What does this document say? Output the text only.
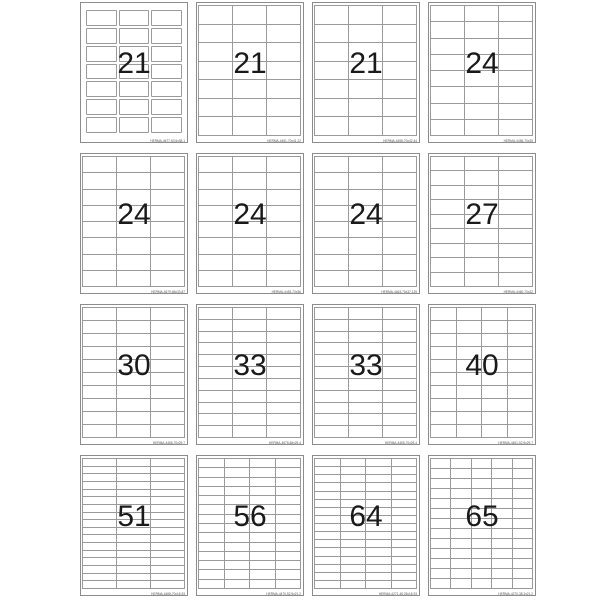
21
HERMA-4677-63,5x38,1
21
HERMA-4451-70x41,22
21
HERMA-4458-70x42,44
24
HERMA-4456-70x35
24
HERMA-4679-66x33,87
24
HERMA-4453-70x36
24
HERMA-4463-70x37,125
27
HERMA-4460-70x32
30
HERMA-4466-70x29,7
33
HERMA-4678-66x25,4
33
HERMA-4465-70x25,4
40
HERMA-4461-52,5x29,7
51
HERMA-4468-70x16,93
56
HERMA-4470-52,5x21,2
64
HERMA-4271-48,25x16,93
65
HERMA-4270-38,1x21,2
